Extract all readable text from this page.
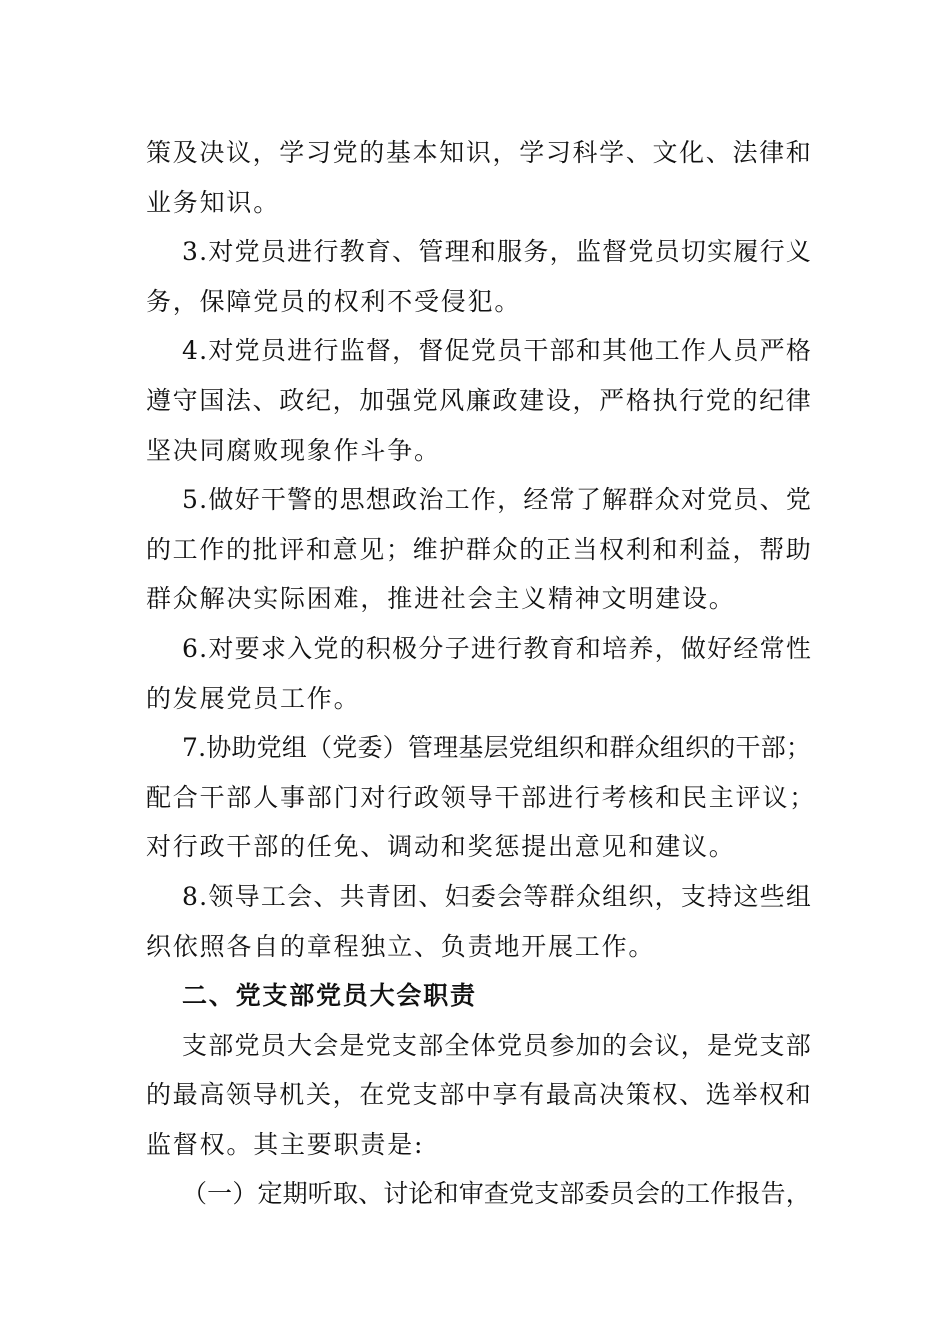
策 及 决 议 ， 学 习 党 的 基 本 知 识 ， 学 习 科 学 、 文 化 、 法 律 和
业务知识。
3 . 对 党 员 进 行 教 育 、 管 理 和 服 务 ， 监 督 党 员 切 实 履 行 义
务，保障党员的权利不受侵犯。
4 . 对 党 员 进 行 监 督 ， 督 促 党 员 干 部 和 其 他 工 作 人 员 严 格
遵 守 国 法 、 政 纪 ， 加 强 党 风 廉 政 建 设 ， 严 格 执 行 党 的 纪 律
坚决同腐败现象作斗争。
5 . 做 好 干 警 的 思 想 政 治 工 作 ， 经 常 了 解 群 众 对 党 员 、 党
的 工 作 的 批 评 和 意 见 ； 维 护 群 众 的 正 当 权 利 和 利 益 ， 帮 助
群众解决实际困难，推进社会主义精神文明建设。
6 . 对 要 求 入 党 的 积 极 分 子 进 行 教 育 和 培 养 ， 做 好 经 常 性
的发展党员工作。
7 . 协 助 党 组 （ 党 委 ） 管 理 基 层 党 组 织 和 群 众 组 织 的 干 部 ；
配合干部人事部门对行政领导干部进行考核和民主评议；
对行政干部的任免、调动和奖惩提出意见和建议。
8 . 领 导 工 会 、 共 青 团 、 妇 委 会 等 群 众 组 织 ， 支 持 这 些 组
织依照各自的章程独立、负责地开展工作。
二、党支部党员大会职责
支 部 党 员 大 会 是 党 支 部 全 体 党 员 参 加 的 会 议 ， 是 党 支 部
的 最 高 领 导 机 关 ， 在 党 支 部 中 享 有 最 高 决 策 权 、 选 举 权 和
监督权。其主要职责是:
（ 一 ） 定 期 听 取 、 讨 论 和 审 查 党 支 部 委 员 会 的 工 作 报 告 ，
